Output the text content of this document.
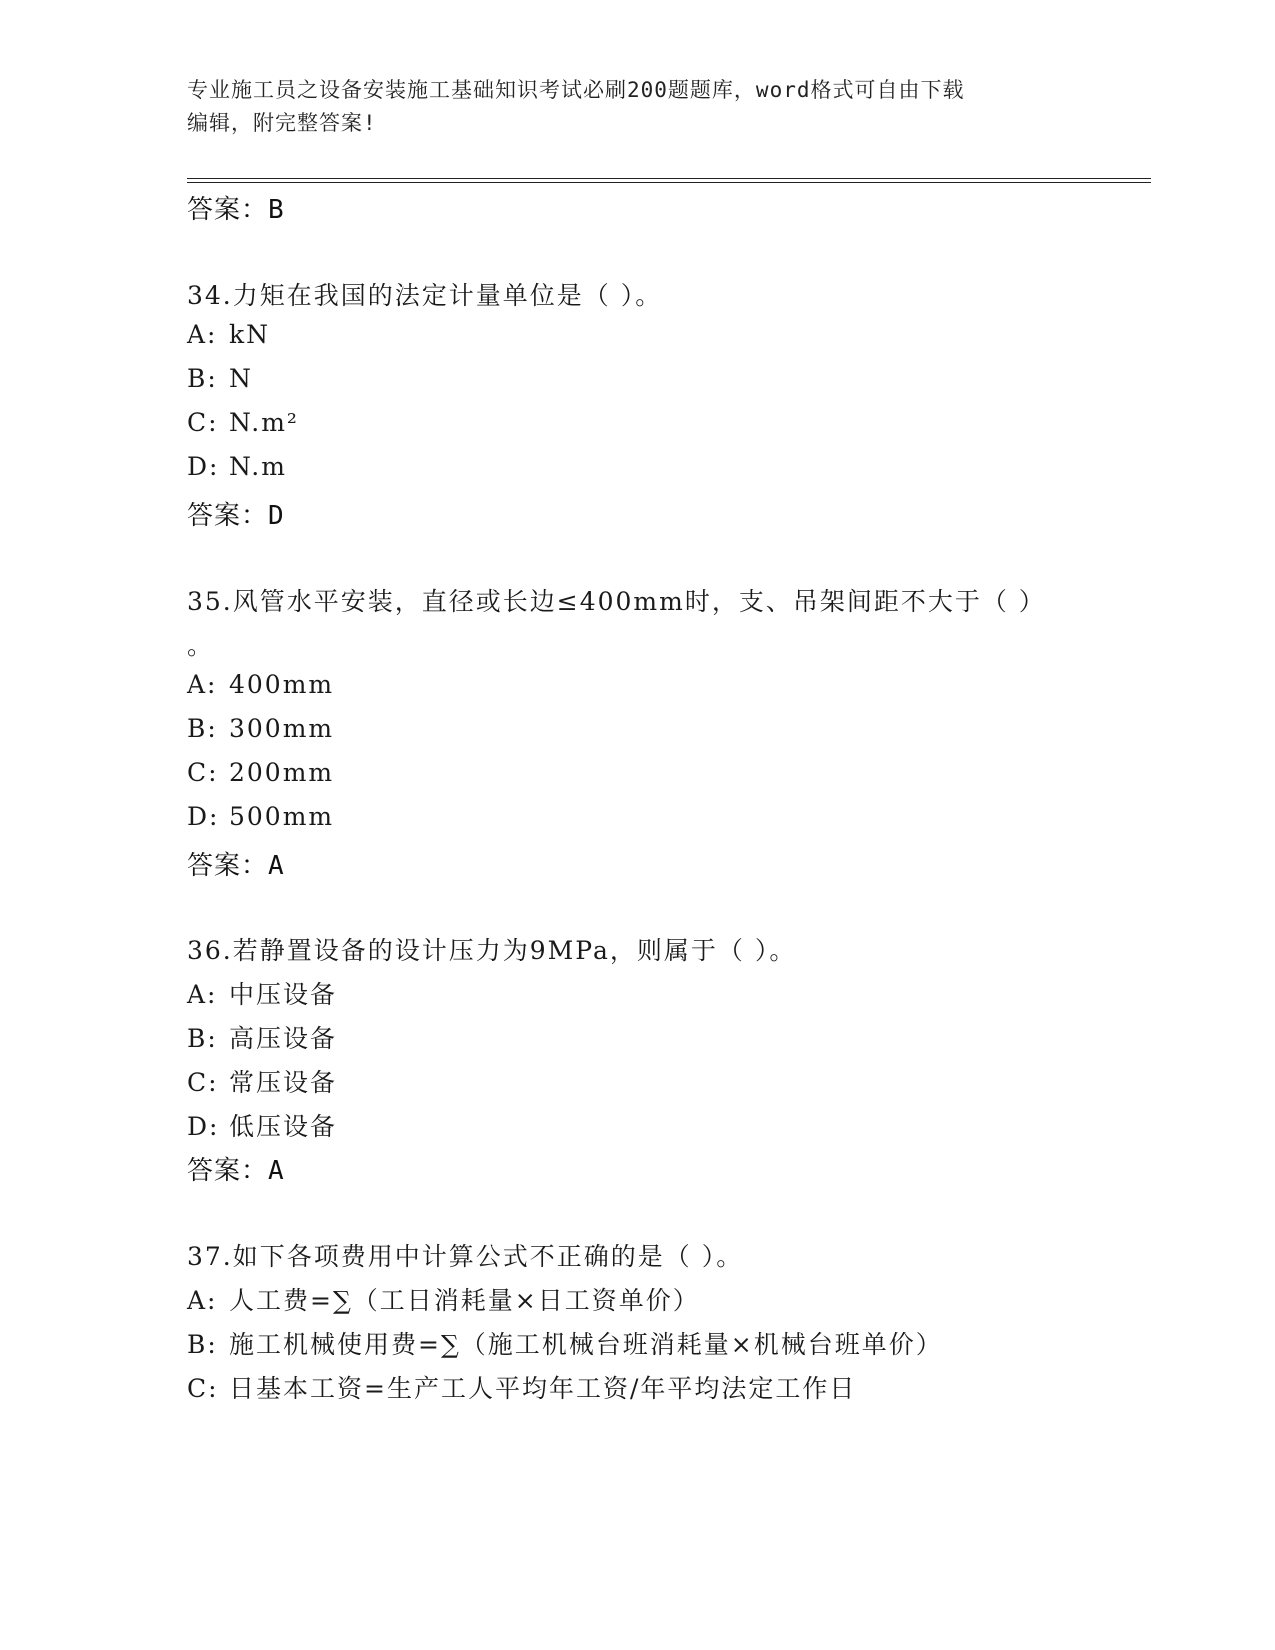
专业施工员之设备安装施工基础知识考试必刷200题题库，word格式可自由下载
编辑，附完整答案!
答案：B
34.力矩在我国的法定计量单位是（ ）。
A: kN
B: N
C: N.m²
D: N.m
答案：D
35.风管水平安装，直径或长边≤400mm时，支、吊架间距不大于（ ）
。
A: 400mm
B: 300mm
C: 200mm
D: 500mm
答案：A
36.若静置设备的设计压力为9MPa，则属于（ ）。
A: 中压设备
B: 高压设备
C: 常压设备
D: 低压设备
答案：A
37.如下各项费用中计算公式不正确的是（ ）。
A: 人工费=∑（工日消耗量×日工资单价）
B: 施工机械使用费=∑（施工机械台班消耗量×机械台班单价）
C: 日基本工资=生产工人平均年工资/年平均法定工作日
